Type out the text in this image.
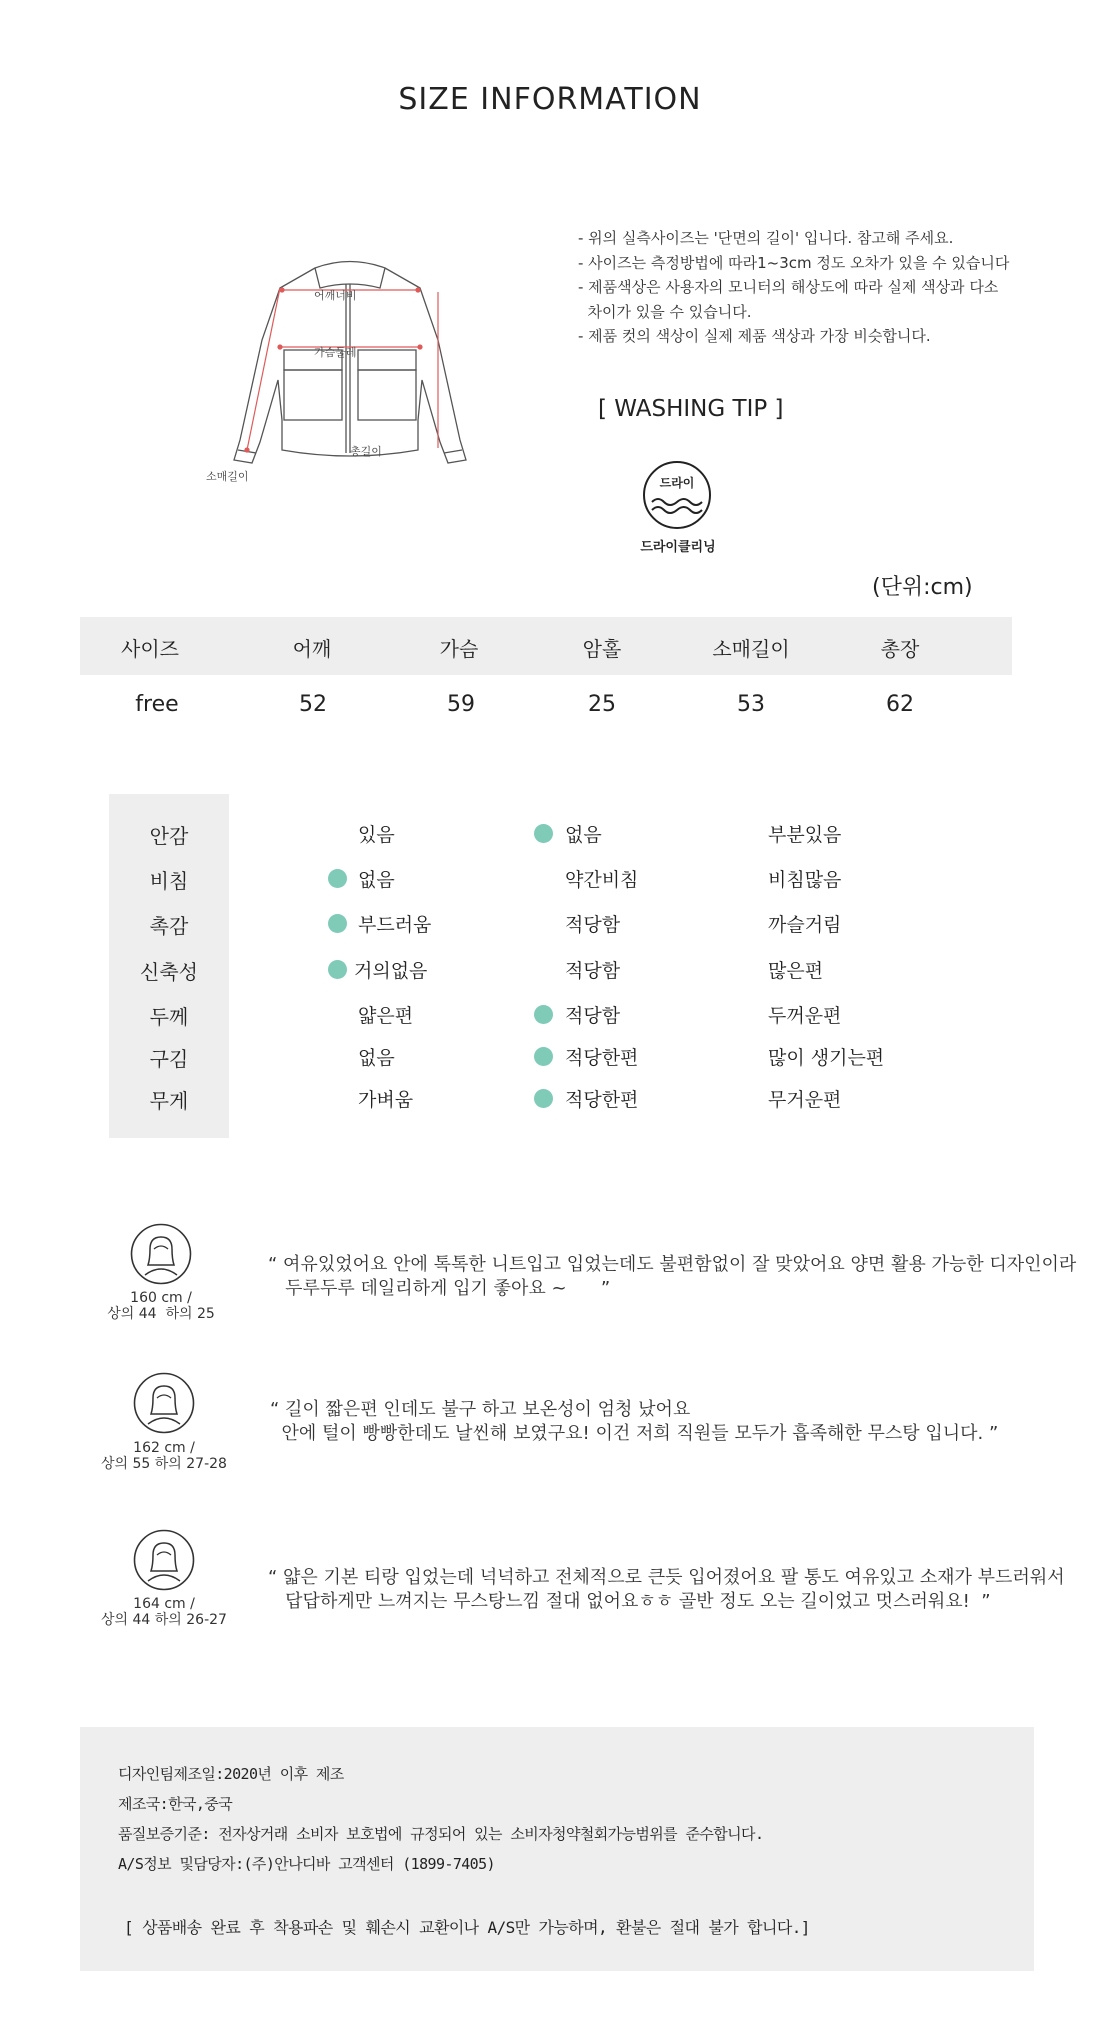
SIZE INFORMATION
어깨너비
가슴둘레
총길이
소매길이
- 위의 실측사이즈는 '단면의 길이' 입니다. 참고해 주세요.
- 사이즈는 측정방법에 따라1~3cm 정도 오차가 있을 수 있습니다
- 제품색상은 사용자의 모니터의 해상도에 따라 실제 색상과 다소
차이가 있을 수 있습니다.
- 제품 컷의 색상이 실제 제품 색상과 가장 비슷합니다.
[ WASHING TIP ]
드라이
드라이클리닝
(단위:cm)
사이즈	어깨	가슴	암홀	소매길이	총장
free	52	59	25	53	62
안감	있음	없음	부분있음
비침	없음	약간비침	비침많음
촉감	부드러움	적당함	까슬거림
신축성	거의없음	적당함	많은편
두께	얇은편	적당함	두꺼운편
구김	없음	적당한편	많이 생기는편
무게	가벼움	적당한편	무거운편
160 cm /
상의 44  하의 25
“ 여유있었어요 안에 톡톡한 니트입고 입었는데도 불편함없이 잘 맞았어요 양면 활용 가능한 디자인이라
두루두루 데일리하게 입기 좋아요 ~      ”
162 cm /
상의 55 하의 27-28
“ 길이 짧은편 인데도 불구 하고 보온성이 엄청 났어요
안에 털이 빵빵한데도 날씬해 보였구요! 이건 저희 직원들 모두가 흡족해한 무스탕 입니다. ”
164 cm /
상의 44 하의 26-27
“ 얇은 기본 티랑 입었는데 넉넉하고 전체적으로 큰듯 입어졌어요 팔 통도 여유있고 소재가 부드러워서
답답하게만 느껴지는 무스탕느낌 절대 없어요ㅎㅎ 골반 정도 오는 길이었고 멋스러워요!  ”
디자인팀제조일:2020년 이후 제조
제조국:한국,중국
품질보증기준: 전자상거래 소비자 보호법에 규정되어 있는 소비자청약철회가능범위를 준수합니다.
A/S정보 및담당자:(주)안나디바 고객센터 (1899-7405)
[ 상품배송 완료 후 착용파손 및 훼손시 교환이나 A/S만 가능하며, 환불은 절대 불가 합니다.]
